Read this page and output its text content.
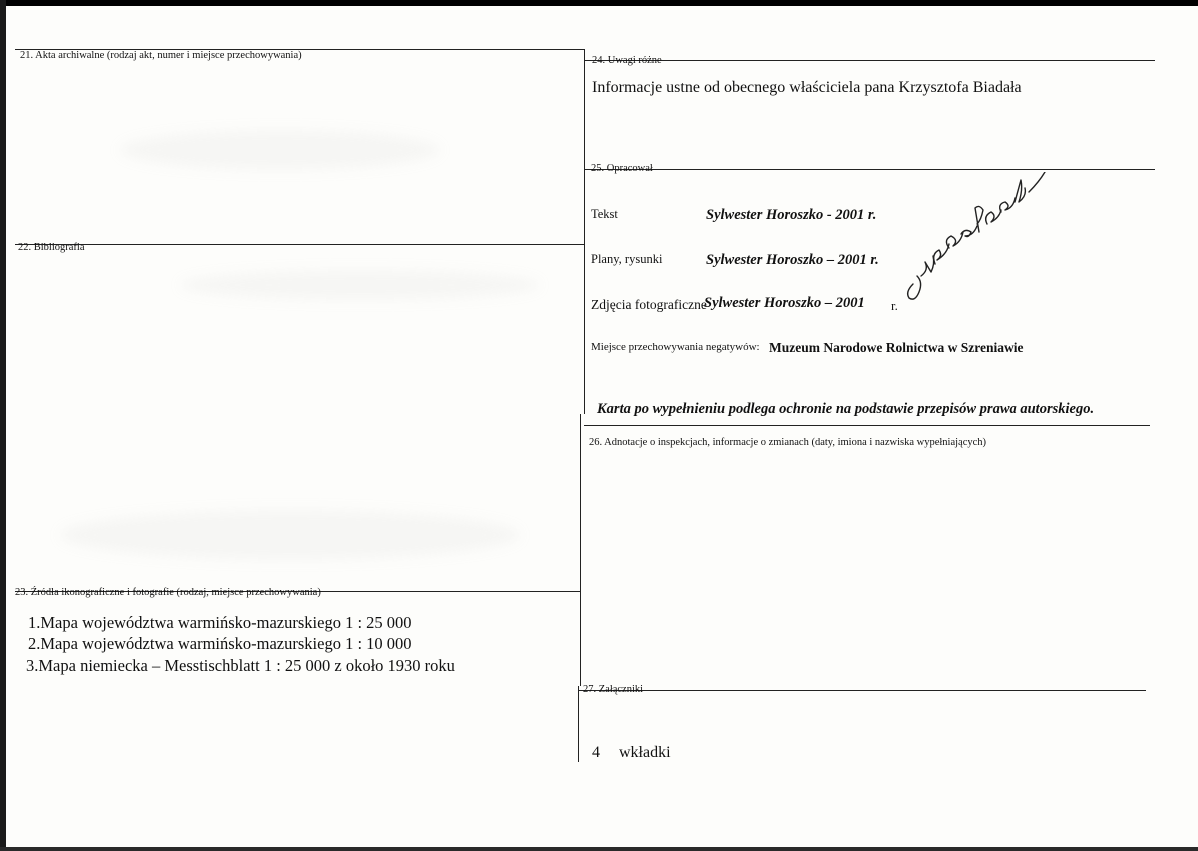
21. Akta archiwalne (rodzaj akt, numer i miejsce przechowywania)
22. Bibliografia
23. Źródła ikonograficzne i fotografie (rodzaj, miejsce przechowywania)
1.Mapa województwa warmińsko-mazurskiego 1 : 25 000
2.Mapa województwa warmińsko-mazurskiego 1 : 10 000
3.Mapa niemiecka – Messtischblatt 1 : 25 000 z około 1930 roku
24. Uwagi różne
Informacje ustne od obecnego właściciela pana Krzysztofa Biadała
25. Opracował
Tekst	Sylwester Horoszko - 2001 r.
Plany, rysunki	Sylwester Horoszko – 2001 r.
Zdjęcia fotograficzne
Sylwester Horoszko – 2001 r.
Miejsce przechowywania negatywów: Muzeum Narodowe Rolnictwa w Szreniawie
Karta po wypełnieniu podlega ochronie na podstawie przepisów prawa autorskiego.
26. Adnotacje o inspekcjach, informacje o zmianach (daty, imiona i nazwiska wypełniających)
27. Załączniki
4 wkładki
